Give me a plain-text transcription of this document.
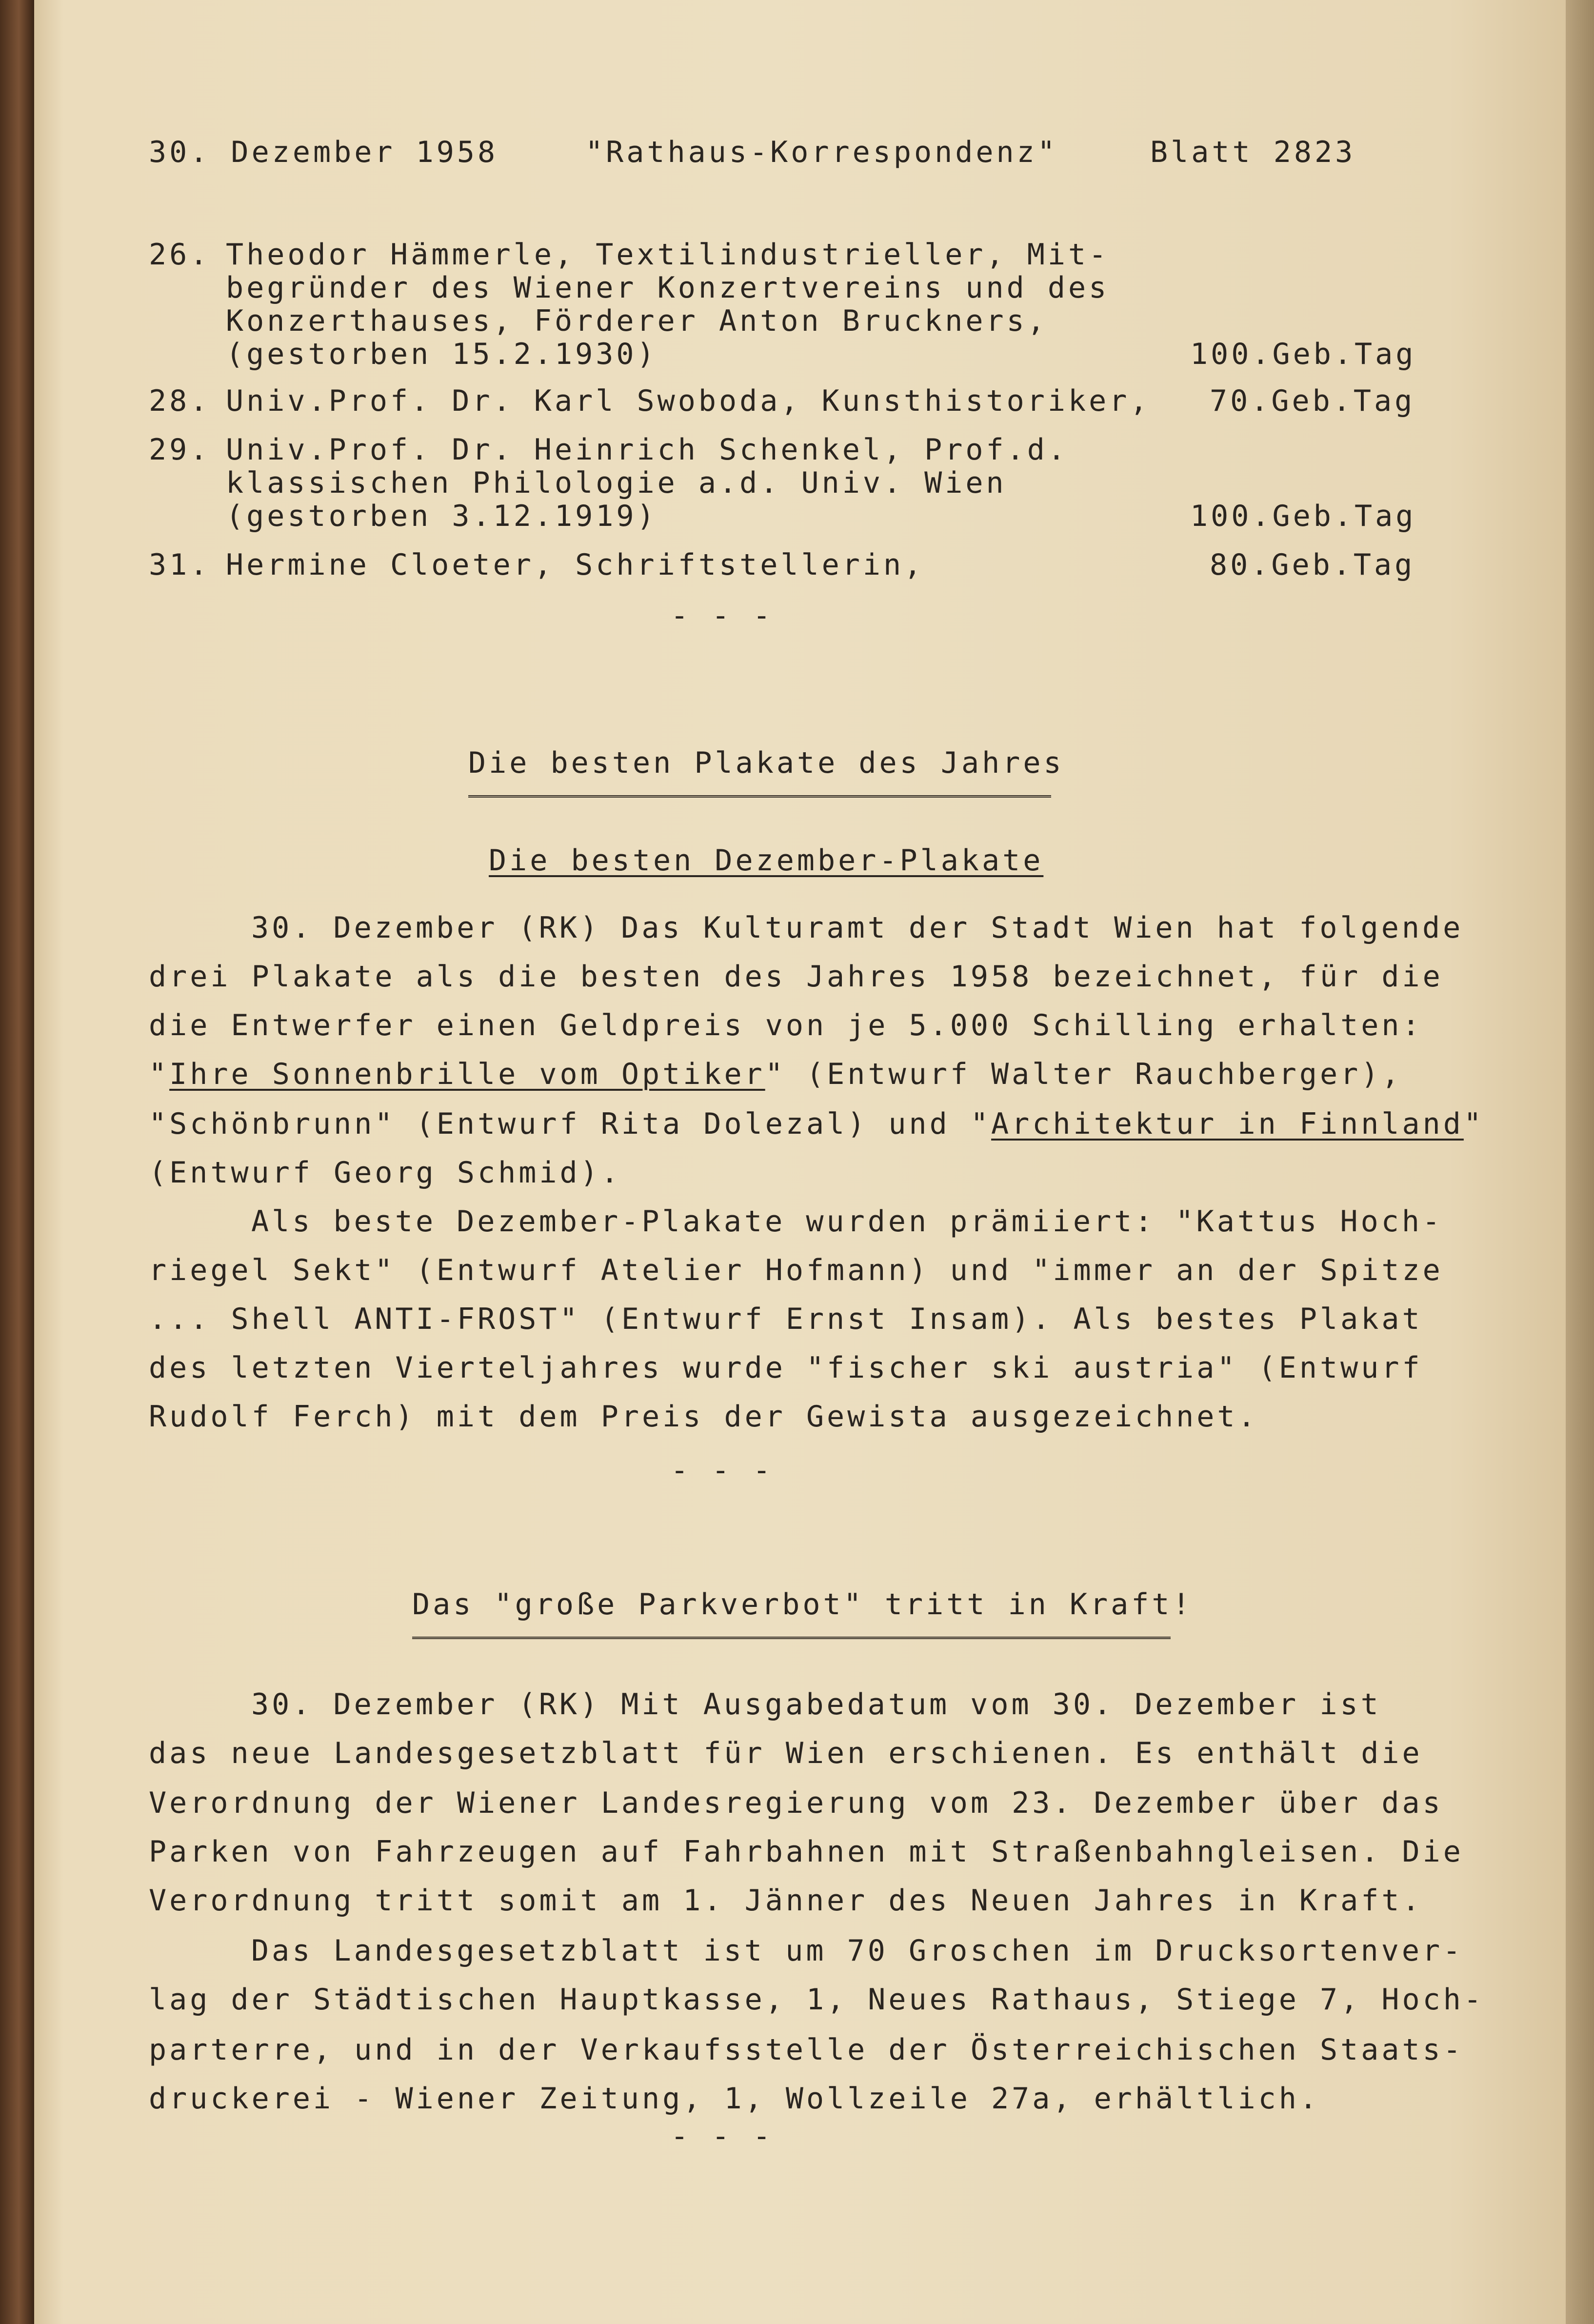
30. Dezember 1958	"Rathaus-Korrespondenz"	Blatt 2823
26. Theodor Hämmerle, Textilindustrieller, Mit-
begründer des Wiener Konzertvereins und des
Konzerthauses, Förderer Anton Bruckners,
(gestorben 15.2.1930)	100.Geb.Tag
28. Univ.Prof. Dr. Karl Swoboda, Kunsthistoriker, 70.Geb.Tag
29. Univ.Prof. Dr. Heinrich Schenkel, Prof.d.
klassischen Philologie a.d. Univ. Wien
(gestorben 3.12.1919)	100.Geb.Tag
31. Hermine Cloeter, Schriftstellerin,	80.Geb.Tag
- - -
Die besten Plakate des Jahres
Die besten Dezember-Plakate
30. Dezember (RK) Das Kulturamt der Stadt Wien hat folgende
drei Plakate als die besten des Jahres 1958 bezeichnet, für die
die Entwerfer einen Geldpreis von je 5.000 Schilling erhalten:
"Ihre Sonnenbrille vom Optiker" (Entwurf Walter Rauchberger),
"Schönbrunn" (Entwurf Rita Dolezal) und "Architektur in Finnland"
(Entwurf Georg Schmid).
Als beste Dezember-Plakate wurden prämiiert: "Kattus Hoch-
riegel Sekt" (Entwurf Atelier Hofmann) und "immer an der Spitze
... Shell ANTI-FROST" (Entwurf Ernst Insam). Als bestes Plakat
des letzten Vierteljahres wurde "fischer ski austria" (Entwurf
Rudolf Ferch) mit dem Preis der Gewista ausgezeichnet.
- - -
Das "große Parkverbot" tritt in Kraft!
30. Dezember (RK) Mit Ausgabedatum vom 30. Dezember ist
das neue Landesgesetzblatt für Wien erschienen. Es enthält die
Verordnung der Wiener Landesregierung vom 23. Dezember über das
Parken von Fahrzeugen auf Fahrbahnen mit Straßenbahngleisen. Die
Verordnung tritt somit am 1. Jänner des Neuen Jahres in Kraft.
Das Landesgesetzblatt ist um 70 Groschen im Drucksortenver-
lag der Städtischen Hauptkasse, 1, Neues Rathaus, Stiege 7, Hoch-
parterre, und in der Verkaufsstelle der Österreichischen Staats-
druckerei - Wiener Zeitung, 1, Wollzeile 27a, erhältlich.
- - -
